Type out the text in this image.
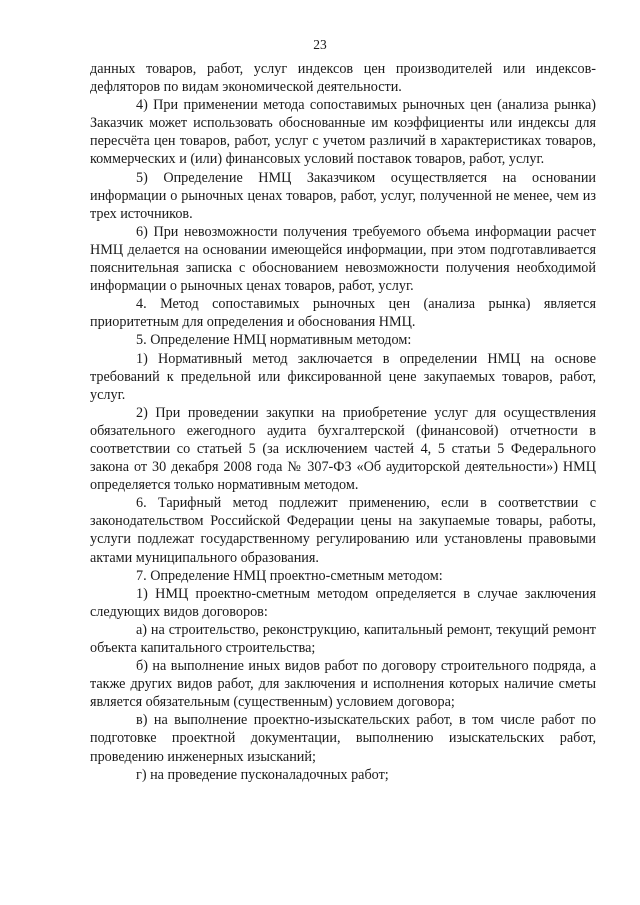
23

данных товаров, работ, услуг индексов цен производителей или индексов-дефляторов по видам экономической деятельности.

4) При применении метода сопоставимых рыночных цен (анализа рынка) Заказчик может использовать обоснованные им коэффициенты или индексы для пересчёта цен товаров, работ, услуг с учетом различий в характеристиках товаров, коммерческих и (или) финансовых условий поставок товаров, работ, услуг.

5) Определение НМЦ Заказчиком осуществляется на основании информации о рыночных ценах товаров, работ, услуг, полученной не менее, чем из трех источников.

6) При невозможности получения требуемого объема информации расчет НМЦ делается на основании имеющейся информации, при этом подготавливается пояснительная записка с обоснованием невозможности получения необходимой информации о рыночных ценах товаров, работ, услуг.

4. Метод сопоставимых рыночных цен (анализа рынка) является приоритетным для определения и обоснования НМЦ.

5. Определение НМЦ нормативным методом:

1) Нормативный метод заключается в определении НМЦ на основе требований к предельной или фиксированной цене закупаемых товаров, работ, услуг.

2) При проведении закупки на приобретение услуг для осуществления обязательного ежегодного аудита бухгалтерской (финансовой) отчетности в соответствии со статьей 5 (за исключением частей 4, 5 статьи 5 Федерального закона от 30 декабря 2008 года № 307-ФЗ «Об аудиторской деятельности») НМЦ определяется только нормативным методом.

6. Тарифный метод подлежит применению, если в соответствии с законодательством Российской Федерации цены на закупаемые товары, работы, услуги подлежат государственному регулированию или установлены правовыми актами муниципального образования.

7. Определение НМЦ проектно-сметным методом:

1) НМЦ проектно-сметным методом определяется в случае заключения следующих видов договоров:

а) на строительство, реконструкцию, капитальный ремонт, текущий ремонт объекта капитального строительства;

б) на выполнение иных видов работ по договору строительного подряда, а также других видов работ, для заключения и исполнения которых наличие сметы является обязательным (существенным) условием договора;

в) на выполнение проектно-изыскательских работ, в том числе работ по подготовке проектной документации, выполнению изыскательских работ, проведению инженерных изысканий;

г) на проведение пусконаладочных работ;
